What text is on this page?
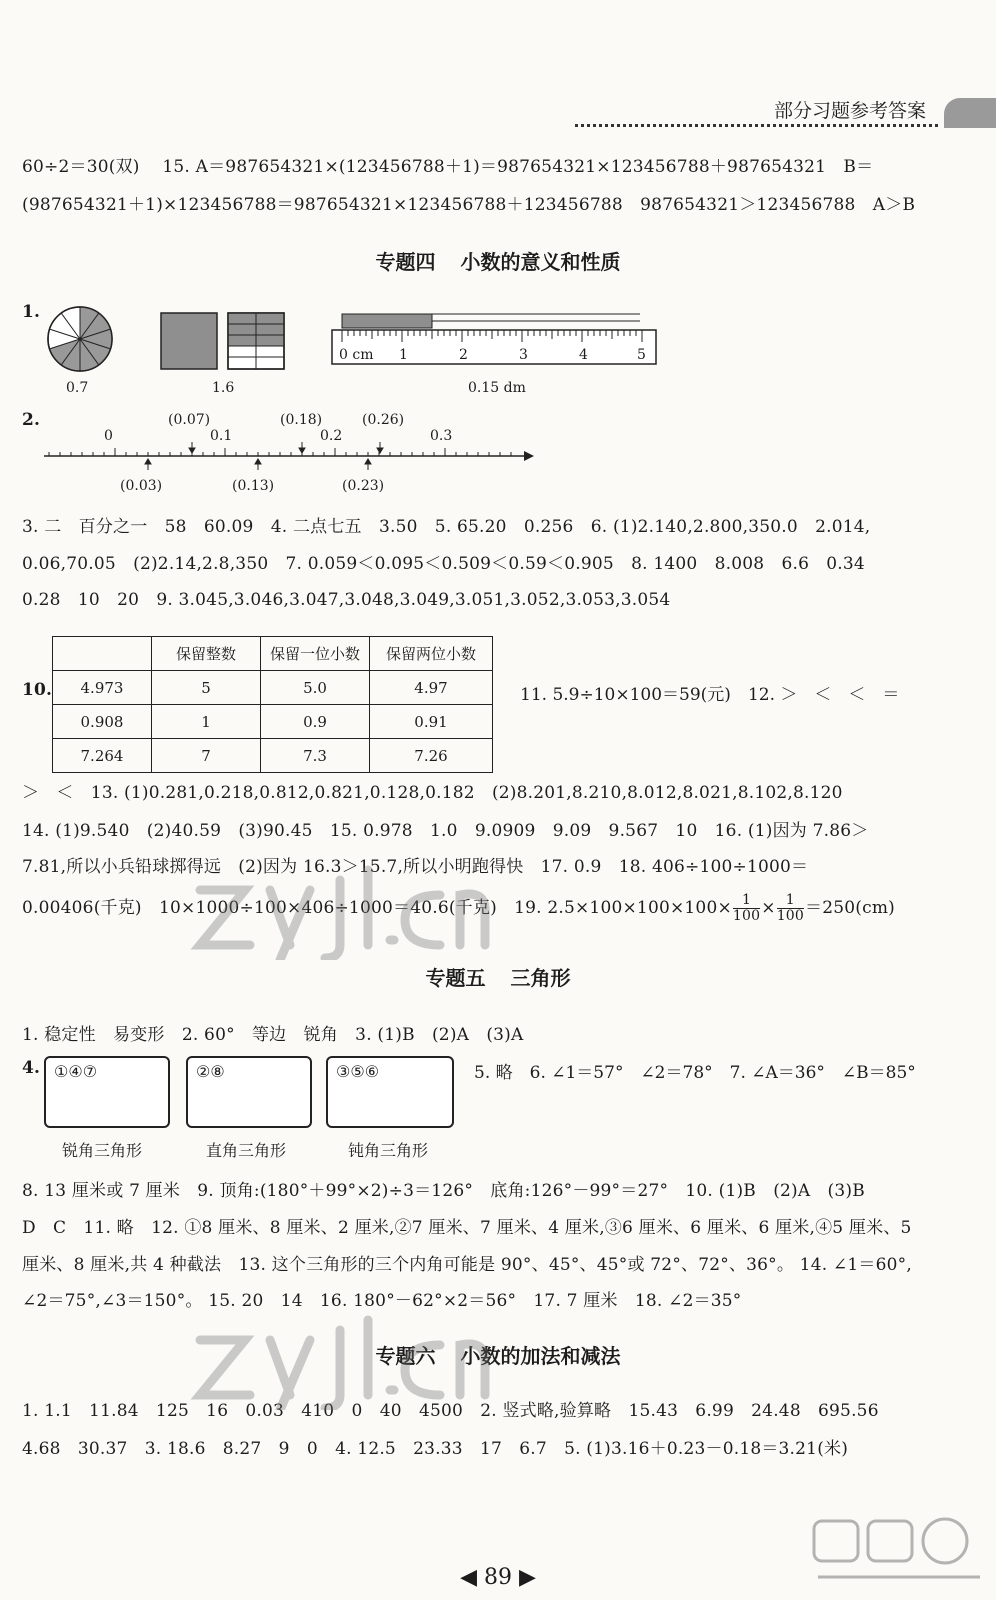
部分习题参考答案
60÷2＝30(双)　 15. A＝987654321×(123456788＋1)＝987654321×123456788＋987654321　B＝
(987654321＋1)×123456788＝987654321×123456788＋123456788　987654321＞123456788　A＞B
专题四 小数的意义和性质
1.
0.7	1.6
0 cm 1	2	3	4	5
0.15 dm
2.	(0.07)	(0.18)	(0.26)
0	0.1	0.2	0.3
(0.03)	(0.13)	(0.23)
3. 二　百分之一　58　60.09　4. 二点七五　3.50　5. 65.20　0.256　6. (1)2.140,2.800,350.0　2.014,
0.06,70.05　(2)2.14,2.8,350　7. 0.059＜0.095＜0.509＜0.59＜0.905　8. 1400　8.008　6.6　0.34
0.28　10　20　9. 3.045,3.046,3.047,3.048,3.049,3.051,3.052,3.053,3.054
10.
	保留整数	保留一位小数	保留两位小数
4.973	5	5.0	4.97
0.908	1	0.9	0.91
7.264	7	7.3	7.26
11. 5.9÷10×100＝59(元)　12. ＞　＜　＜　＝
＞　＜　13. (1)0.281,0.218,0.812,0.821,0.128,0.182　(2)8.201,8.210,8.012,8.021,8.102,8.120
14. (1)9.540　(2)40.59　(3)90.45　15. 0.978　1.0　9.0909　9.09　9.567　10　16. (1)因为 7.86＞
7.81,所以小兵铅球掷得远　(2)因为 16.3＞15.7,所以小明跑得快　17. 0.9　18. 406÷100÷1000＝
0.00406(千克)　10×1000÷100×406÷1000＝40.6(千克)　19. $2.5\times 100\times 100\times 100\times \frac{1}{100} \times \frac{1}{100} =250(cm)$
专题五 三角形
1. 稳定性　易变形　2. 60°　等边　锐角　3. (1)B　(2)A　(3)A
4. ①④⑦
锐角三角形
②⑧
直角三角形
③⑤⑥
钝角三角形
5. 略　6. ∠1＝57°　∠2＝78°　7. ∠A＝36°　∠B＝85°
8. 13 厘米或 7 厘米　9. 顶角:(180°＋99°×2)÷3＝126°　底角:126°－99°＝27°　10. (1)B　(2)A　(3)B
D　C　11. 略　12. ①8 厘米、8 厘米、2 厘米,②7 厘米、7 厘米、4 厘米,③6 厘米、6 厘米、6 厘米,④5 厘米、5
厘米、8 厘米,共 4 种截法　13. 这个三角形的三个内角可能是 90°、45°、45°或 72°、72°、36°。 14. ∠1＝60°,
∠2＝75°,∠3＝150°。 15. 20　14　16. 180°－62°×2＝56°　17. 7 厘米　18. ∠2＝35°
专题六 小数的加法和减法
1. 1.1　11.84　125　16　0.03　410　0　40　4500　2. 竖式略,验算略　15.43　6.99　24.48　695.56
4.68　30.37　3. 18.6　8.27　9　0　4. 12.5　23.33　17　6.7　5. (1)3.16＋0.23－0.18＝3.21(米)
◀ 89 ▶
